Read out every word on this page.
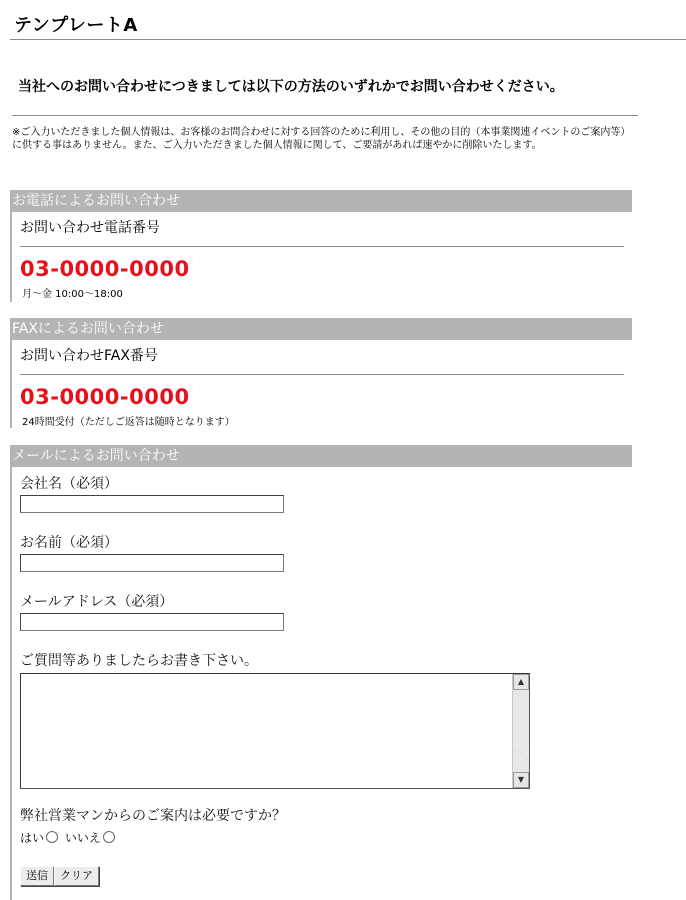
テンプレートA
当社へのお問い合わせにつきましては以下の方法のいずれかでお問い合わせください。
※ご入力いただきました個人情報は、お客様のお問合わせに対する回答のために利用し、その他の目的（本事業関連イベントのご案内等）に供する事はありません。また、ご入力いただきました個人情報に関して、ご要請があれば速やかに削除いたします。
お電話によるお問い合わせ
お問い合わせ電話番号
03-0000-0000
月～金 10:00～18:00
FAXによるお問い合わせ
お問い合わせFAX番号
03-0000-0000
24時間受付（ただしご返答は随時となります）
メールによるお問い合わせ
会社名（必須）
お名前（必須）
メールアドレス（必須）
ご質問等ありましたらお書き下さい。
▲
▼
弊社営業マンからのご案内は必要ですか？
はい いいえ
送信 クリア
